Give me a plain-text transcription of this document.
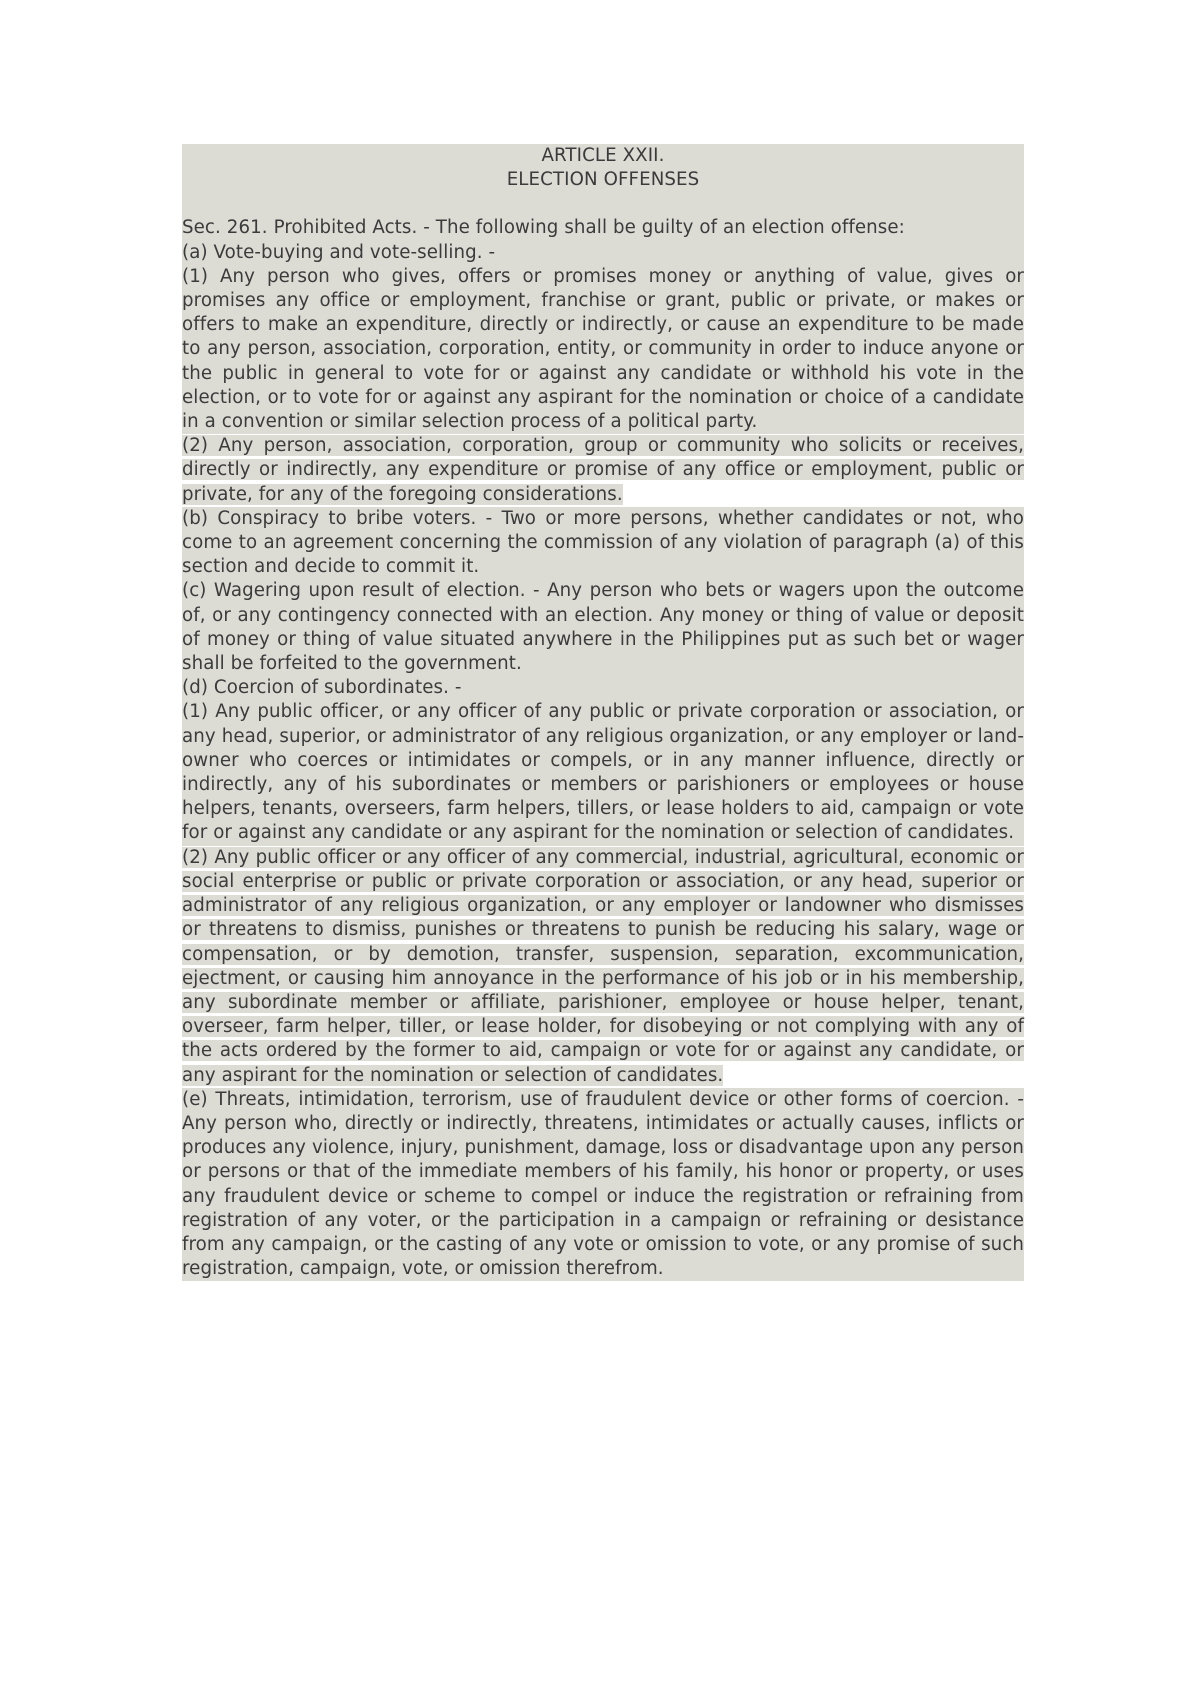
ARTICLE XXII.

ELECTION OFFENSES

Sec. 261. Prohibited Acts. - The following shall be guilty of an election offense:

(a) Vote-buying and vote-selling. -

(1) Any person who gives, offers or promises money or anything of value, gives or promises any office or employment, franchise or grant, public or private, or makes or offers to make an expenditure, directly or indirectly, or cause an expenditure to be made to any person, association, corporation, entity, or community in order to induce anyone or the public in general to vote for or against any candidate or withhold his vote in the election, or to vote for or against any aspirant for the nomination or choice of a candidate in a convention or similar selection process of a political party.

(2) Any person, association, corporation, group or community who solicits or receives, directly or indirectly, any expenditure or promise of any office or employment, public or private, for any of the foregoing considerations.

(b) Conspiracy to bribe voters. - Two or more persons, whether candidates or not, who come to an agreement concerning the commission of any violation of paragraph (a) of this section and decide to commit it.

(c) Wagering upon result of election. - Any person who bets or wagers upon the outcome of, or any contingency connected with an election. Any money or thing of value or deposit of money or thing of value situated anywhere in the Philippines put as such bet or wager shall be forfeited to the government.

(d) Coercion of subordinates. -

(1) Any public officer, or any officer of any public or private corporation or association, or any head, superior, or administrator of any religious organization, or any employer or land-owner who coerces or intimidates or compels, or in any manner influence, directly or indirectly, any of his subordinates or members or parishioners or employees or house helpers, tenants, overseers, farm helpers, tillers, or lease holders to aid, campaign or vote for or against any candidate or any aspirant for the nomination or selection of candidates.

(2) Any public officer or any officer of any commercial, industrial, agricultural, economic or social enterprise or public or private corporation or association, or any head, superior or administrator of any religious organization, or any employer or landowner who dismisses or threatens to dismiss, punishes or threatens to punish be reducing his salary, wage or compensation, or by demotion, transfer, suspension, separation, excommunication, ejectment, or causing him annoyance in the performance of his job or in his membership, any subordinate member or affiliate, parishioner, employee or house helper, tenant, overseer, farm helper, tiller, or lease holder, for disobeying or not complying with any of the acts ordered by the former to aid, campaign or vote for or against any candidate, or any aspirant for the nomination or selection of candidates.

(e) Threats, intimidation, terrorism, use of fraudulent device or other forms of coercion. - Any person who, directly or indirectly, threatens, intimidates or actually causes, inflicts or produces any violence, injury, punishment, damage, loss or disadvantage upon any person or persons or that of the immediate members of his family, his honor or property, or uses any fraudulent device or scheme to compel or induce the registration or refraining from registration of any voter, or the participation in a campaign or refraining or desistance from any campaign, or the casting of any vote or omission to vote, or any promise of such registration, campaign, vote, or omission therefrom.
